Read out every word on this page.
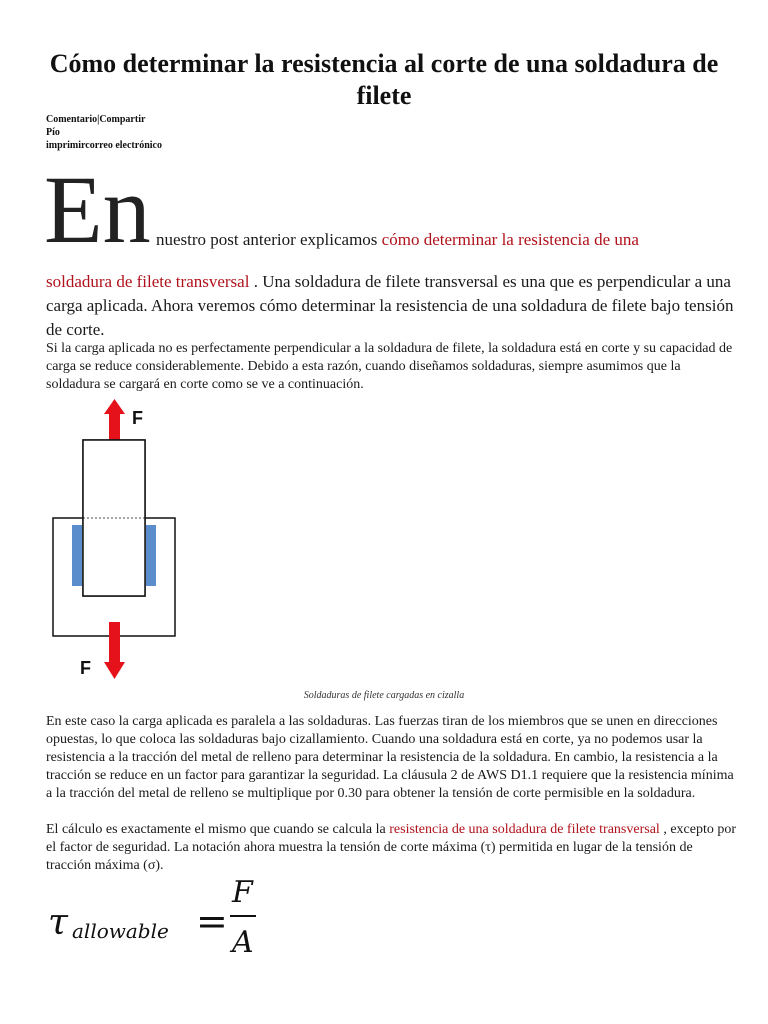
Cómo determinar la resistencia al corte de una soldadura de filete
Comentario|Compartir
Pío
imprimircorreo electrónico
En nuestro post anterior explicamos cómo determinar la resistencia de una

soldadura de filete transversal . Una soldadura de filete transversal es una que es perpendicular a una carga aplicada. Ahora veremos cómo determinar la resistencia de una soldadura de filete bajo tensión de corte.

Si la carga aplicada no es perfectamente perpendicular a la soldadura de filete, la soldadura está en corte y su capacidad de carga se reduce considerablemente. Debido a esta razón, cuando diseñamos soldaduras, siempre asumimos que la soldadura se cargará en corte como se ve a continuación.

F
F
Soldaduras de filete cargadas en cizalla

En este caso la carga aplicada es paralela a las soldaduras. Las fuerzas tiran de los miembros que se unen en direcciones opuestas, lo que coloca las soldaduras bajo cizallamiento. Cuando una soldadura está en corte, ya no podemos usar la resistencia a la tracción del metal de relleno para determinar la resistencia de la soldadura. En cambio, la resistencia a la tracción se reduce en un factor para garantizar la seguridad. La cláusula 2 de AWS D1.1 requiere que la resistencia mínima a la tracción del metal de relleno se multiplique por 0.30 para obtener la tensión de corte permisible en la soldadura.

El cálculo es exactamente el mismo que cuando se calcula la resistencia de una soldadura de filete transversal , excepto por el factor de seguridad. La notación ahora muestra la tensión de corte máxima (τ) permitida en lugar de la tensión de tracción máxima (σ).

τ allowable =
F
A
